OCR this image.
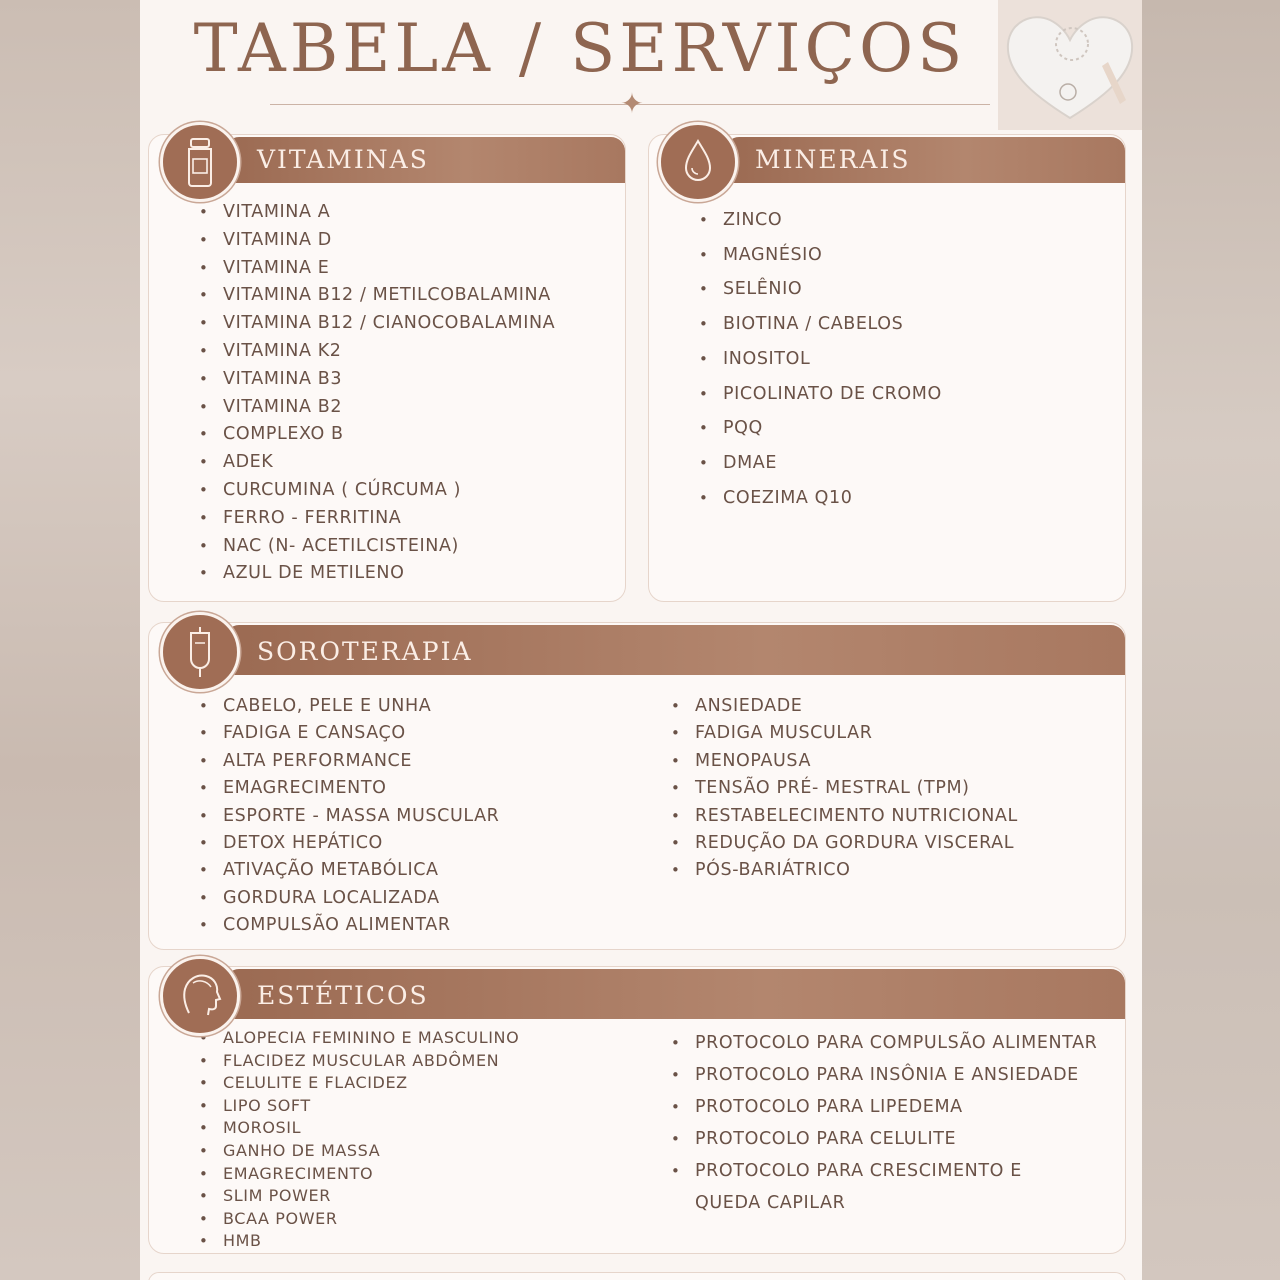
TABELA / SERVIÇOS
✦
VITAMINAS
• VITAMINA A
• VITAMINA D
• VITAMINA E
• VITAMINA B12 / METILCOBALAMINA
• VITAMINA B12 / CIANOCOBALAMINA
• VITAMINA K2
• VITAMINA B3
• VITAMINA B2
• COMPLEXO B
• ADEK
• CURCUMINA ( CÚRCUMA )
• FERRO - FERRITINA
• NAC (N- ACETILCISTEINA)
• AZUL DE METILENO
MINERAIS
• ZINCO
• MAGNÉSIO
• SELÊNIO
• BIOTINA / CABELOS
• INOSITOL
• PICOLINATO DE CROMO
• PQQ
• DMAE
• COEZIMA Q10
SOROTERAPIA
• CABELO, PELE E UNHA
• FADIGA E CANSAÇO
• ALTA PERFORMANCE
• EMAGRECIMENTO
• ESPORTE - MASSA MUSCULAR
• DETOX HEPÁTICO
• ATIVAÇÃO METABÓLICA
• GORDURA LOCALIZADA
• COMPULSÃO ALIMENTAR
• ANSIEDADE
• FADIGA MUSCULAR
• MENOPAUSA
• TENSÃO PRÉ- MESTRAL (TPM)
• RESTABELECIMENTO NUTRICIONAL
• REDUÇÃO DA GORDURA VISCERAL
• PÓS-BARIÁTRICO
ESTÉTICOS
• ALOPECIA FEMININO E MASCULINO
• FLACIDEZ MUSCULAR ABDÔMEN
• CELULITE E FLACIDEZ
• LIPO SOFT
• MOROSIL
• GANHO DE MASSA
• EMAGRECIMENTO
• SLIM POWER
• BCAA POWER
• HMB
• PROTOCOLO PARA COMPULSÃO ALIMENTAR
• PROTOCOLO PARA INSÔNIA E ANSIEDADE
• PROTOCOLO PARA LIPEDEMA
• PROTOCOLO PARA CELULITE
• PROTOCOLO PARA CRESCIMENTO E
QUEDA CAPILAR
